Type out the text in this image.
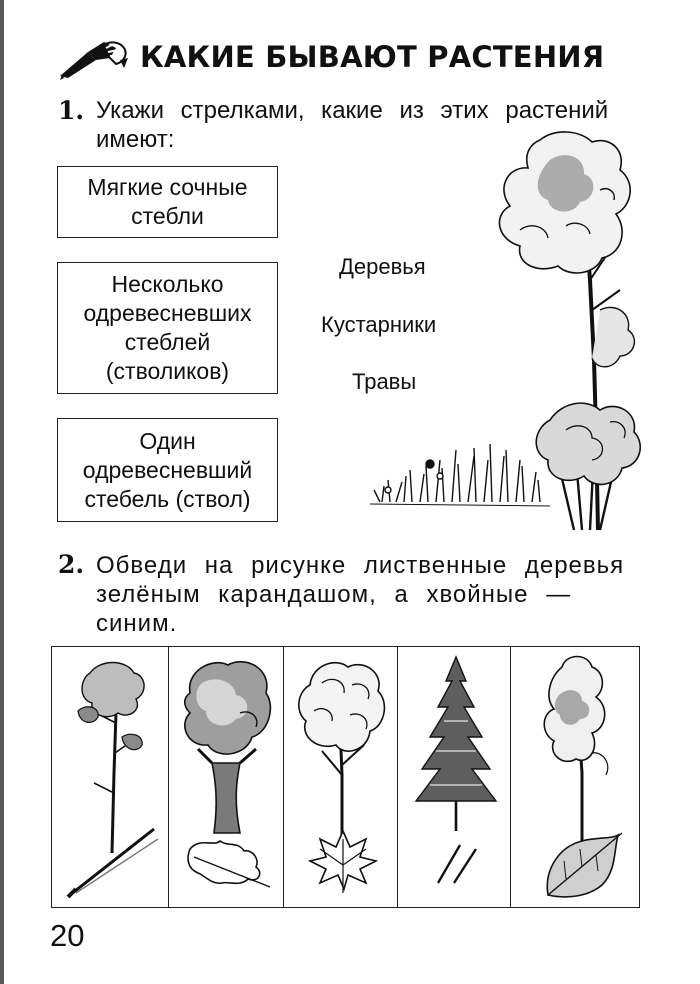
КАКИЕ БЫВАЮТ РАСТЕНИЯ
1. Укажи стрелками, какие из этих растений имеют:
Мягкие сочные
стебли
Несколько
одревесневших
стеблей
(стволиков)
Один
одревесневший
стебель (ствол)
Деревья
Кустарники
Травы
2. Обведи на рисунке лиственные деревья зелёным карандашом, а хвойные — синим.
20
